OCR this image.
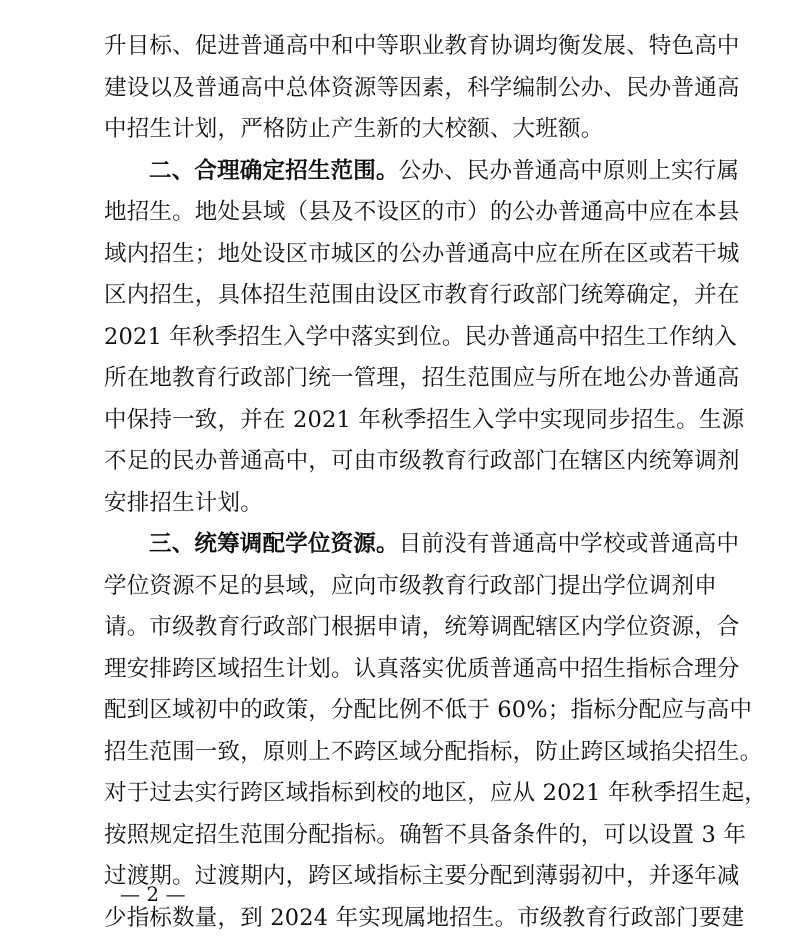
升目标、促进普通高中和中等职业教育协调均衡发展、特色高中
建设以及普通高中总体资源等因素，科学编制公办、民办普通高
中招生计划，严格防止产生新的大校额、大班额。
二、合理确定招生范围。公办、民办普通高中原则上实行属
地招生。地处县域（县及不设区的市）的公办普通高中应在本县
域内招生；地处设区市城区的公办普通高中应在所在区或若干城
区内招生，具体招生范围由设区市教育行政部门统筹确定，并在
2021 年秋季招生入学中落实到位。民办普通高中招生工作纳入
所在地教育行政部门统一管理，招生范围应与所在地公办普通高
中保持一致，并在 2021 年秋季招生入学中实现同步招生。生源
不足的民办普通高中，可由市级教育行政部门在辖区内统筹调剂
安排招生计划。
三、统筹调配学位资源。目前没有普通高中学校或普通高中
学位资源不足的县域，应向市级教育行政部门提出学位调剂申
请。市级教育行政部门根据申请，统筹调配辖区内学位资源，合
理安排跨区域招生计划。认真落实优质普通高中招生指标合理分
配到区域初中的政策，分配比例不低于 60%；指标分配应与高中
招生范围一致，原则上不跨区域分配指标，防止跨区域掐尖招生。
对于过去实行跨区域指标到校的地区，应从 2021 年秋季招生起，
按照规定招生范围分配指标。确暂不具备条件的，可以设置 3 年
过渡期。过渡期内，跨区域指标主要分配到薄弱初中，并逐年减
少指标数量，到 2024 年实现属地招生。市级教育行政部门要建
— 2 —
